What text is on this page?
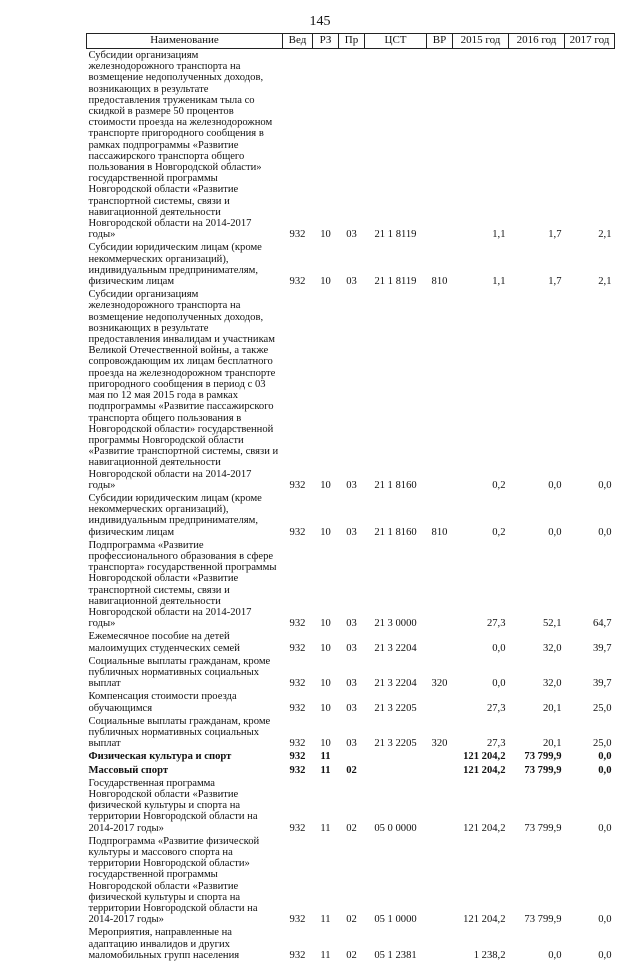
145
Наименование	Вед	РЗ	Пр	ЦСТ	ВР	2015 год	2016 год	2017 год
Субсидии организациям железнодорожного транспорта на возмещение недополученных доходов, возникающих в результате предоставления труженикам тыла со скидкой в размере 50 процентов стоимости проезда на железнодорожном транспорте пригородного сообщения в рамках подпрограммы «Развитие пассажирского транспорта общего пользования в Новгородской области» государственной программы Новгородской области «Развитие транспортной системы, связи и навигационной деятельности Новгородской области на 2014-2017 годы»	932	10	03	21 1 8119		1,1	1,7	2,1
Субсидии юридическим лицам (кроме некоммерческих организаций), индивидуальным предпринимателям, физическим лицам	932	10	03	21 1 8119	810	1,1	1,7	2,1
Субсидии организациям железнодорожного транспорта на возмещение недополученных доходов, возникающих в результате предоставления инвалидам и участникам Великой Отечественной войны, а также сопровождающим их лицам бесплатного проезда на железнодорожном транспорте пригородного сообщения в период с 03 мая по 12 мая 2015 года в рамках подпрограммы «Развитие пассажирского транспорта общего пользования в Новгородской области» государственной программы Новгородской области «Развитие транспортной системы, связи и навигационной деятельности Новгородской области на 2014-2017 годы»	932	10	03	21 1 8160		0,2	0,0	0,0
Субсидии юридическим лицам (кроме некоммерческих организаций), индивидуальным предпринимателям, физическим лицам	932	10	03	21 1 8160	810	0,2	0,0	0,0
Подпрограмма «Развитие профессионального образования в сфере транспорта» государственной программы Новгородской области «Развитие транспортной системы, связи и навигационной деятельности Новгородской области на 2014-2017 годы»	932	10	03	21 3 0000		27,3	52,1	64,7
Ежемесячное пособие на детей малоимущих студенческих семей	932	10	03	21 3 2204		0,0	32,0	39,7
Социальные выплаты гражданам, кроме публичных нормативных социальных выплат	932	10	03	21 3 2204	320	0,0	32,0	39,7
Компенсация стоимости проезда обучающимся	932	10	03	21 3 2205		27,3	20,1	25,0
Социальные выплаты гражданам, кроме публичных нормативных социальных выплат	932	10	03	21 3 2205	320	27,3	20,1	25,0
Физическая культура и спорт	932	11				121 204,2	73 799,9	0,0
Массовый спорт	932	11	02			121 204,2	73 799,9	0,0
Государственная программа Новгородской области «Развитие физической культуры и спорта на территории Новгородской области на 2014-2017 годы»	932	11	02	05 0 0000		121 204,2	73 799,9	0,0
Подпрограмма «Развитие физической культуры и массового спорта на территории Новгородской области» государственной программы Новгородской области «Развитие физической культуры и спорта на территории Новгородской области на 2014-2017 годы»	932	11	02	05 1 0000		121 204,2	73 799,9	0,0
Мероприятия, направленные на адаптацию инвалидов и других маломобильных групп населения	932	11	02	05 1 2381		1 238,2	0,0	0,0
